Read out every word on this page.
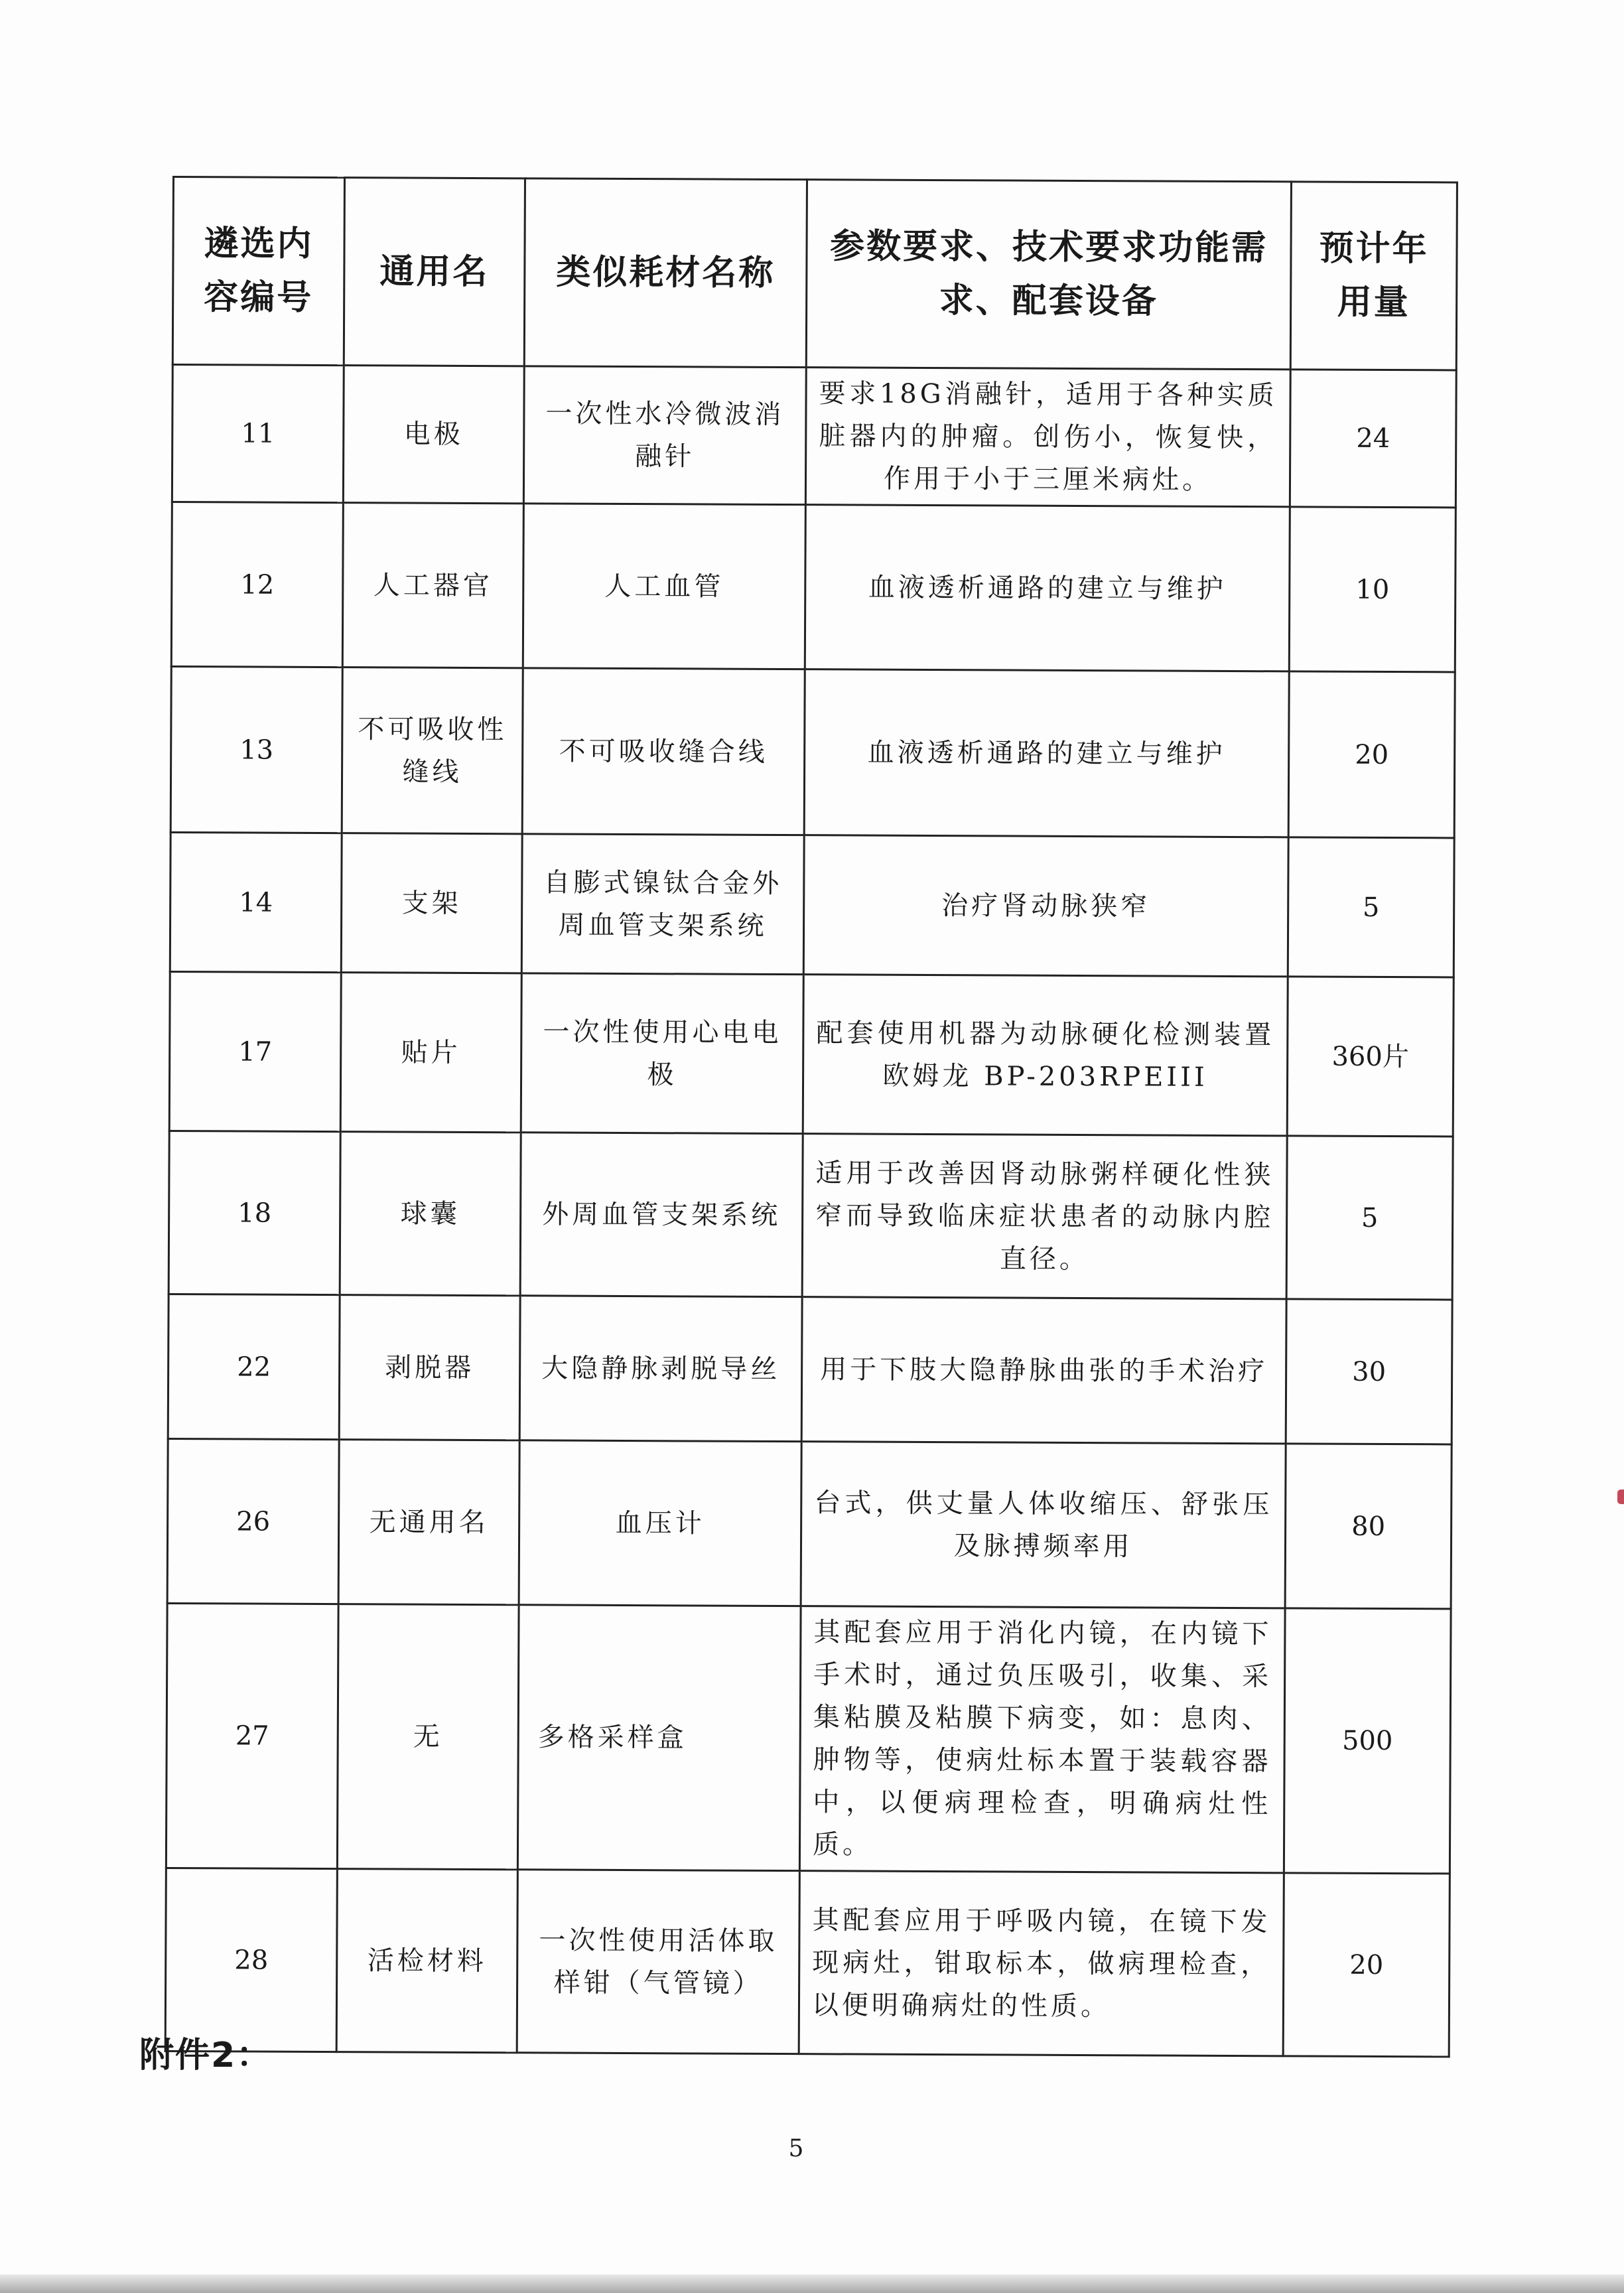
遴选内容编号	通用名	类似耗材名称	参数要求、技术要求功能需求、配套设备	预计年用量
11	电极	一次性水冷微波消融针	要求18G消融针，适用于各种实质脏器内的肿瘤。创伤小，恢复快，作用于小于三厘米病灶。	24
12	人工器官	人工血管	血液透析通路的建立与维护	10
13	不可吸收性缝线	不可吸收缝合线	血液透析通路的建立与维护	20
14	支架	自膨式镍钛合金外周血管支架系统	治疗肾动脉狭窄	5
17	贴片	一次性使用心电电极	配套使用机器为动脉硬化检测装置欧姆龙 BP-203RPEIII	360片
18	球囊	外周血管支架系统	适用于改善因肾动脉粥样硬化性狭窄而导致临床症状患者的动脉内腔直径。	5
22	剥脱器	大隐静脉剥脱导丝	用于下肢大隐静脉曲张的手术治疗	30
26	无通用名	血压计	台式，供丈量人体收缩压、舒张压及脉搏频率用	80
27	无	多格采样盒	其配套应用于消化内镜，在内镜下手术时，通过负压吸引，收集、采集粘膜及粘膜下病变，如：息肉、肿物等，使病灶标本置于装载容器中，以便病理检查，明确病灶性质。	500
28	活检材料	一次性使用活体取样钳（气管镜）	其配套应用于呼吸内镜，在镜下发现病灶，钳取标本，做病理检查，以便明确病灶的性质。	20
附件2：
5
